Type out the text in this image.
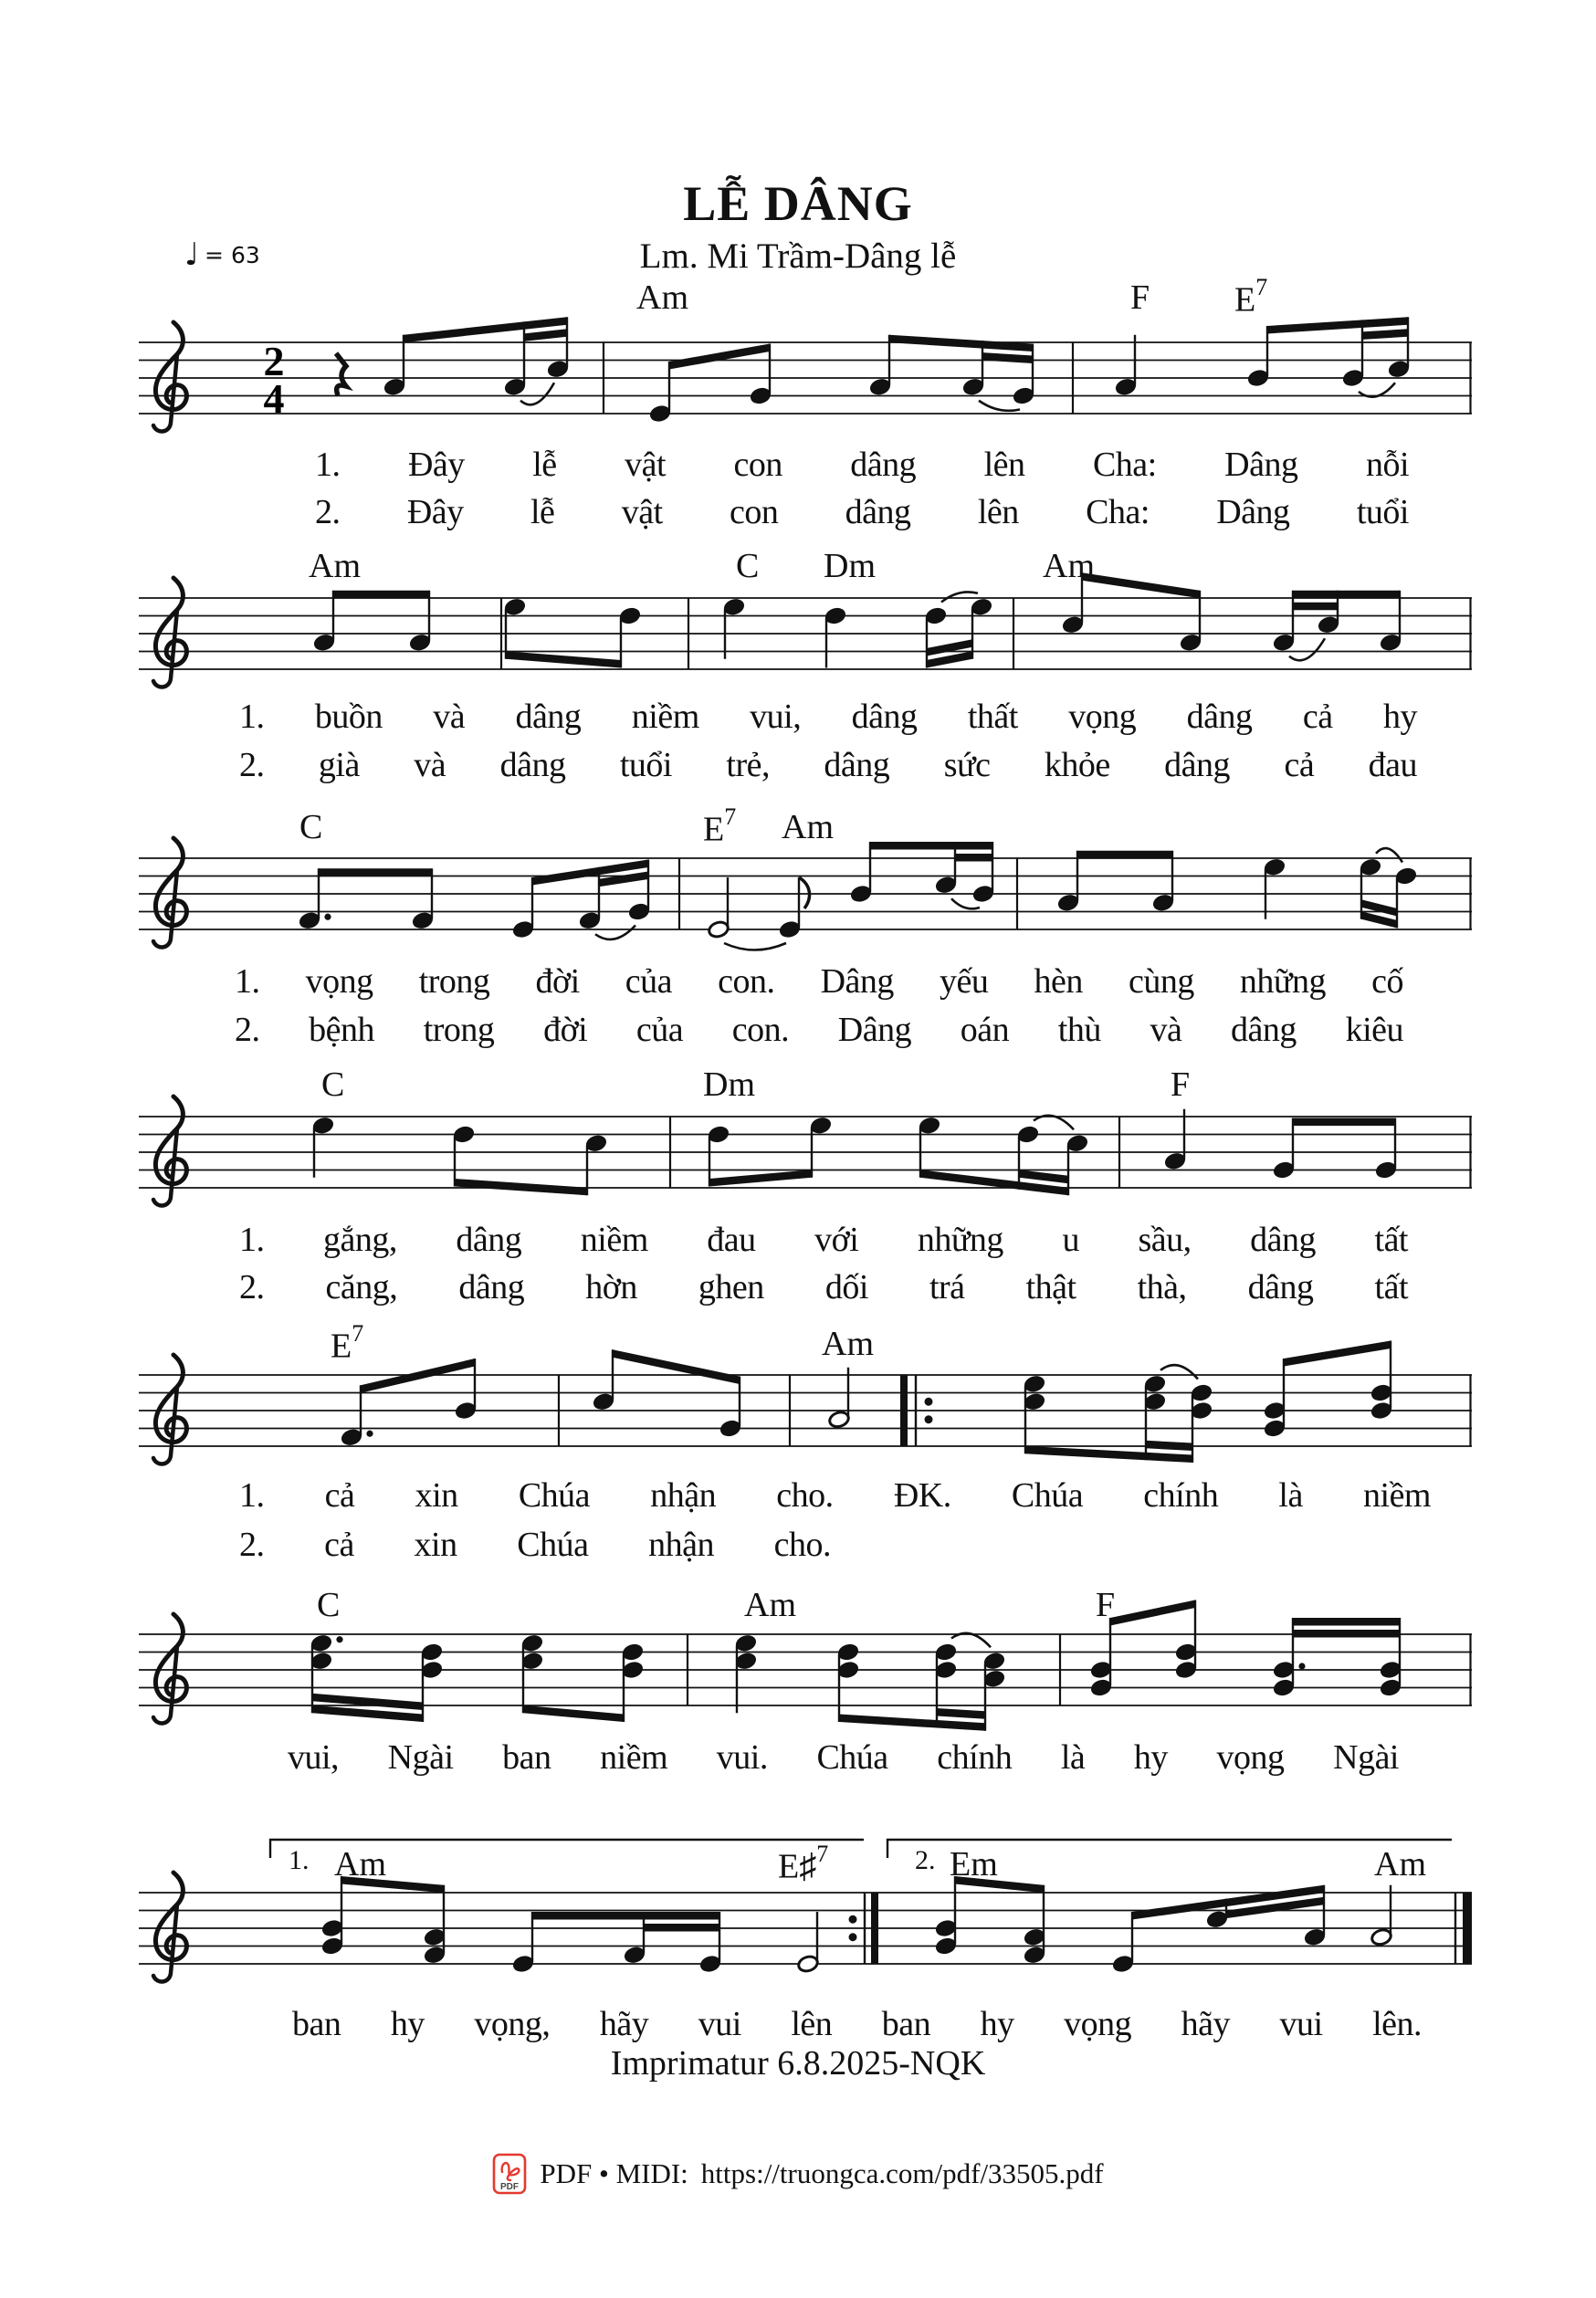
LỄ DÂNG
♩ = 63	Lm. Mi Trầm-Dâng lễ
2
4
Am	F $E^7$
Am	C Dm	Am
C	$E^7$ Am
C	Dm	F
$E^7$	Am
C	Am	F
Am	E♯$^7$	Em	Am
1.	2.
1. Đây lễ vật con dâng lên Cha: Dâng nỗi
2. Đây lễ vật con dâng lên Cha: Dâng tuổi
1. buồn và dâng niềm vui, dâng thất vọng dâng cả hy
2. già và dâng tuổi trẻ, dâng sức khỏe dâng cả đau
1. vọng trong đời của con. Dâng yếu hèn cùng những cố
2. bệnh trong đời của con. Dâng oán thù và dâng kiêu
1. gắng, dâng niềm đau với những u sầu, dâng tất
2. căng, dâng hờn ghen dối trá thật thà, dâng tất
1. cả xin Chúa nhận cho. ĐK. Chúa chính là niềm
2. cả xin Chúa nhận cho.
vui, Ngài ban niềm vui. Chúa chính là hy vọng Ngài
ban hy vọng, hãy vui lên ban hy vọng hãy vui lên.
Imprimatur 6.8.2025-NQK
PDF PDF • MIDI: https://truongca.com/pdf/33505.pdf
